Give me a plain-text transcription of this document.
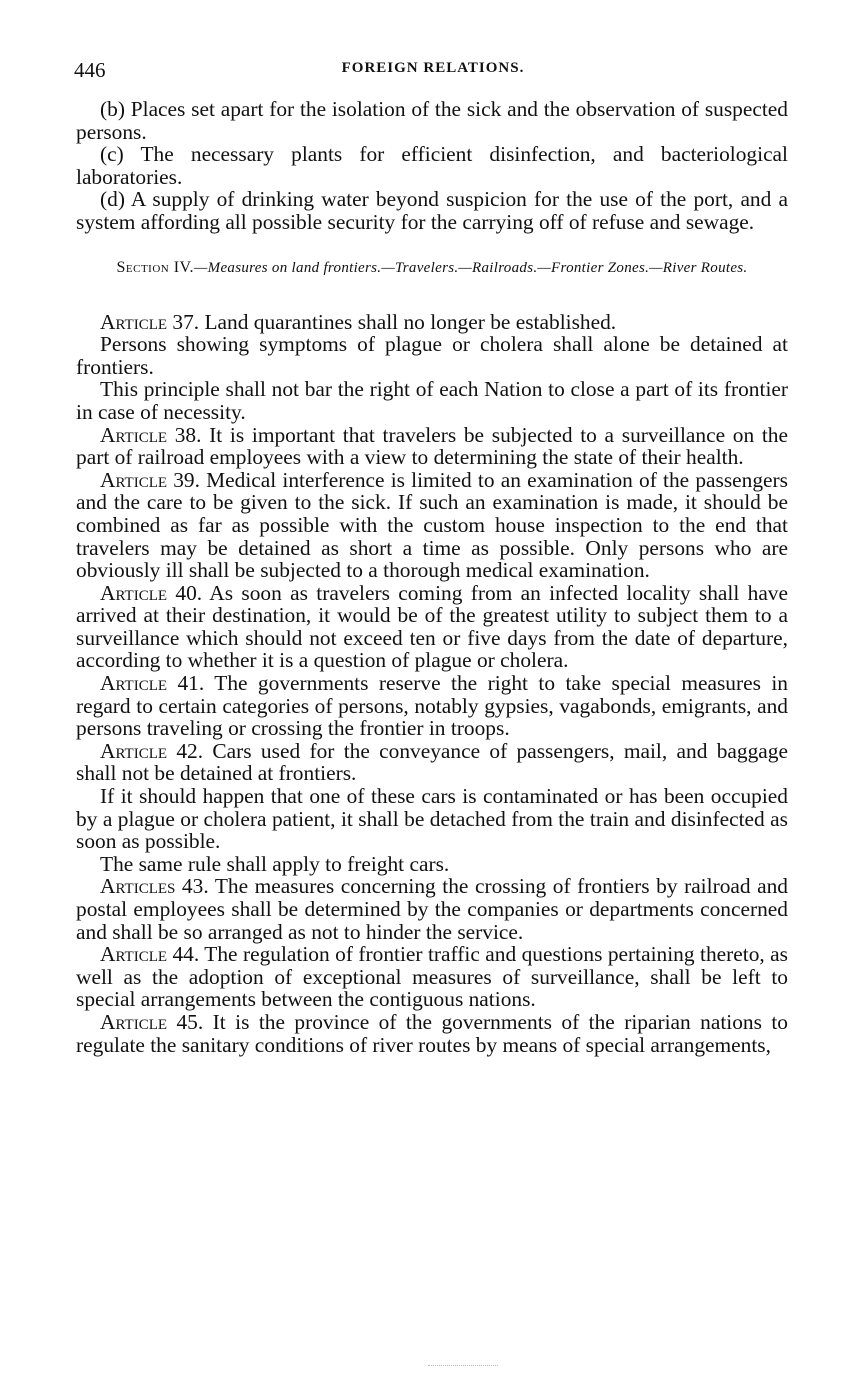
446	FOREIGN RELATIONS.

(b) Places set apart for the isolation of the sick and the observation of suspected persons.

(c) The necessary plants for efficient disinfection, and bacteriological laboratories.

(d) A supply of drinking water beyond suspicion for the use of the port, and a system affording all possible security for the carrying off of refuse and sewage.

Section IV.—Measures on land frontiers.—Travelers.—Railroads.—Frontier Zones.—River Routes.

Article 37. Land quarantines shall no longer be established.

Persons showing symptoms of plague or cholera shall alone be detained at frontiers.

This principle shall not bar the right of each Nation to close a part of its frontier in case of necessity.

Article 38. It is important that travelers be subjected to a surveillance on the part of railroad employees with a view to determining the state of their health.

Article 39. Medical interference is limited to an examination of the passengers and the care to be given to the sick. If such an examination is made, it should be combined as far as possible with the custom house inspection to the end that travelers may be detained as short a time as possible. Only persons who are obviously ill shall be subjected to a thorough medical examination.

Article 40. As soon as travelers coming from an infected locality shall have arrived at their destination, it would be of the greatest utility to subject them to a surveillance which should not exceed ten or five days from the date of departure, according to whether it is a question of plague or cholera.

Article 41. The governments reserve the right to take special measures in regard to certain categories of persons, notably gypsies, vagabonds, emigrants, and persons traveling or crossing the frontier in troops.

Article 42. Cars used for the conveyance of passengers, mail, and baggage shall not be detained at frontiers.

If it should happen that one of these cars is contaminated or has been occupied by a plague or cholera patient, it shall be detached from the train and disinfected as soon as possible.

The same rule shall apply to freight cars.

Articles 43. The measures concerning the crossing of frontiers by railroad and postal employees shall be determined by the companies or departments concerned and shall be so arranged as not to hinder the service.

Article 44. The regulation of frontier traffic and questions pertaining thereto, as well as the adoption of exceptional measures of surveillance, shall be left to special arrangements between the contiguous nations.

Article 45. It is the province of the governments of the riparian nations to regulate the sanitary conditions of river routes by means of special arrangements,
